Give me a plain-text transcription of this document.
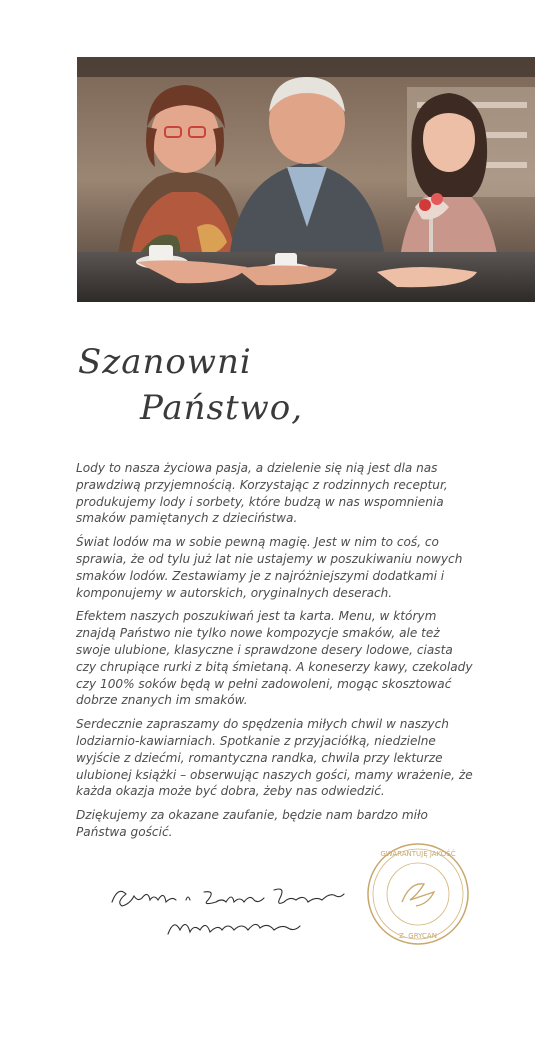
Szanowni
Państwo,

Lody to nasza życiowa pasja, a dzielenie się nią jest dla nas prawdziwą przyjemnością. Korzystając z rodzinnych receptur, produkujemy lody i sorbety, które budzą w nas wspomnienia smaków pamiętanych z dzieciństwa.

Świat lodów ma w sobie pewną magię. Jest w nim to coś, co sprawia, że od tylu już lat nie ustajemy w poszukiwaniu nowych smaków lodów. Zestawiamy je z najróżniejszymi dodatkami i komponujemy w autorskich, oryginalnych deserach.

Efektem naszych poszukiwań jest ta karta. Menu, w którym znajdą Państwo nie tylko nowe kompozycje smaków, ale też swoje ulubione, klasyczne i sprawdzone desery lodowe, ciasta czy chrupiące rurki z bitą śmietaną. A koneserzy kawy, czekolady czy 100% soków będą w pełni zadowoleni, mogąc skosztować dobrze znanych im smaków.

Serdecznie zapraszamy do spędzenia miłych chwil w naszych lodziarnio-kawiarniach. Spotkanie z przyjaciółką, niedzielne wyjście z dziećmi, romantyczna randka, chwila przy lekturze ulubionej książki – obserwując naszych gości, mamy wrażenie, że każda okazja może być dobra, żeby nas odwiedzić.

Dziękujemy za okazane zaufanie, będzie nam bardzo miło Państwa gościć.

GWARANTUJĘ JAKOŚĆ
Z. GRYCAN
